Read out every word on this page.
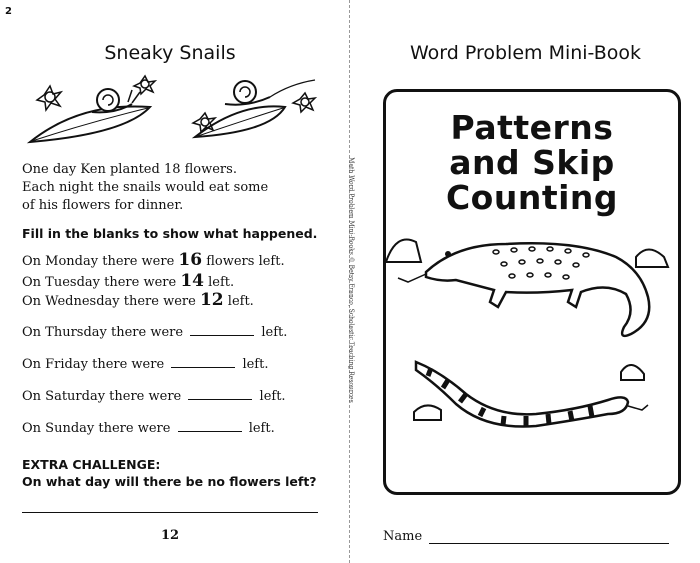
2
Sneaky Snails
One day Ken planted 18 flowers.
Each night the snails would eat some
of his flowers for dinner.
Fill in the blanks to show what happened.
On Monday there were 16 flowers left.
On Tuesday there were 14 left.
On Wednesday there were 12 left.
On Thursday there were	left.
On Friday there were	left.
On Saturday there were	left.
On Sunday there were	left.
EXTRA CHALLENGE:
On what day will there be no flowers left?
12
Math Word Problem Mini-Books © Betsy Franco, Scholastic Teaching Resources
Word Problem Mini-Book
Patterns
and Skip
Counting
Name
